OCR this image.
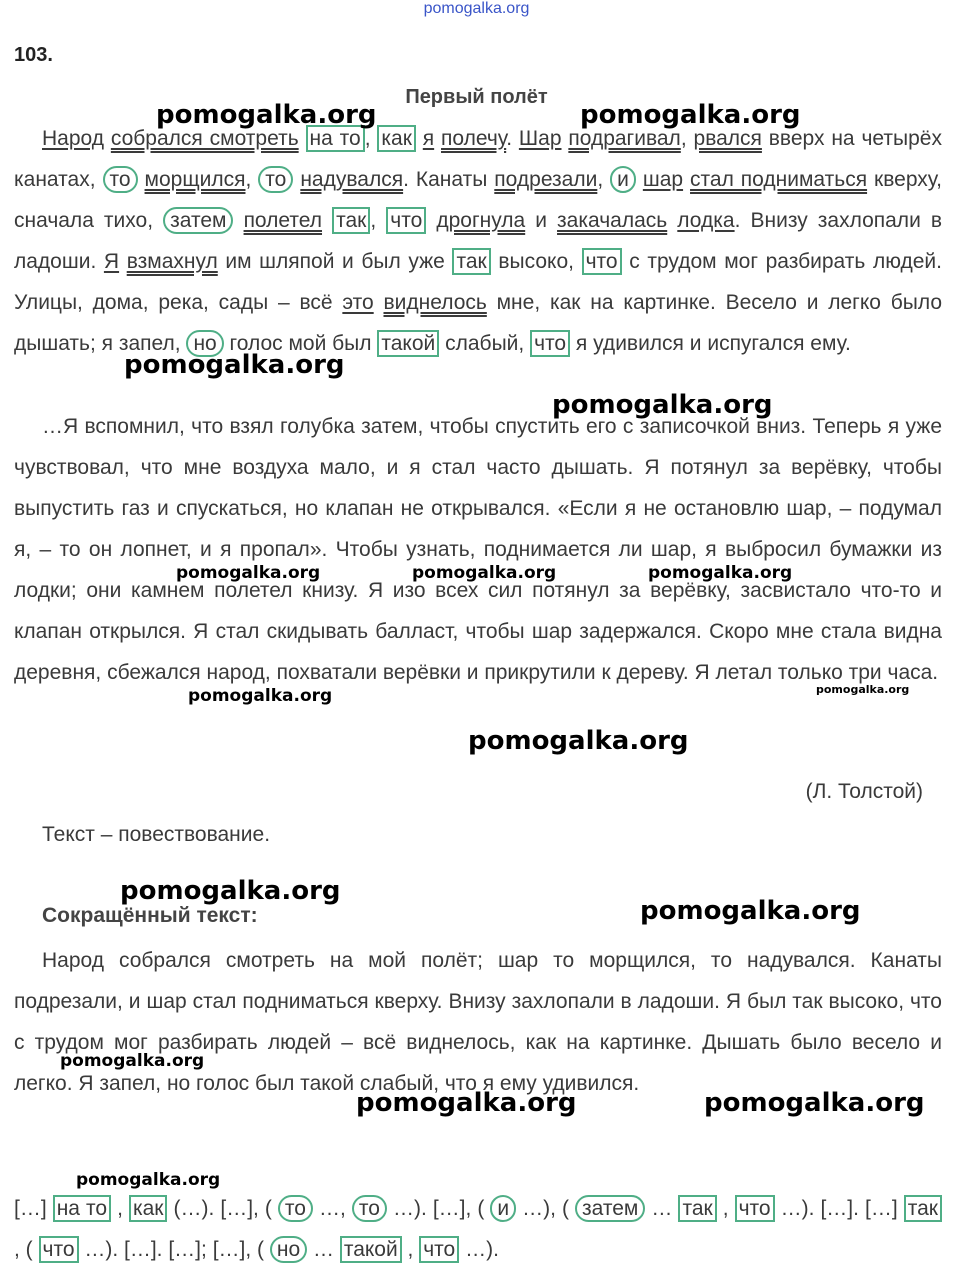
pomogalka.org
103.
Первый полёт

Народ собрался смотреть на то , как я полечу. Шар подрагивал, рвался вверх на четырёх канатах, то морщился, то надувался. Канаты подрезали, и шар стал подниматься кверху, сначала тихо, затем полетел так , что дрогнула и закачалась лодка. Внизу захлопали в ладоши. Я взмахнул им шляпой и был уже так высоко, что с трудом мог разбирать людей. Улицы, дома, река, сады – всё это виднелось мне, как на картинке. Весело и легко было дышать; я запел, но голос мой был такой слабый, что я удивился и испугался ему.

…Я вспомнил, что взял голубка затем, чтобы спустить его с записочкой вниз. Теперь я уже чувствовал, что мне воздуха мало, и я стал часто дышать. Я потянул за верёвку, чтобы выпустить газ и спускаться, но клапан не открывался. «Если я не остановлю шар, – подумал я, – то он лопнет, и я пропал». Чтобы узнать, поднимается ли шар, я выбросил бумажки из лодки; они камнем полетел книзу. Я изо всех сил потянул за верёвку, засвистало что-то и клапан открылся. Я стал скидывать балласт, чтобы шар задержался. Скоро мне стала видна деревня, сбежался народ, похватали верёвки и прикрутили к дереву. Я летал только три часа.

(Л. Толстой)
Текст – повествование.
Сокращённый текст:

Народ собрался смотреть на мой полёт; шар то морщился, то надувался. Канаты подрезали, и шар стал подниматься кверху. Внизу захлопали в ладоши. Я был так высоко, что с трудом мог разбирать людей – всё виднелось, как на картинке. Дышать было весело и легко. Я запел, но голос был такой слабый, что я ему удивился.

[…] на то , как (…). […], ( то …, то …). […], ( и …), ( затем … так , что …). […]. […] так , ( что …). […]. […]; […], ( но … такой , что …).

pomogalka.org	pomogalka.org
pomogalka.org
pomogalka.org
pomogalka.org	pomogalka.org	pomogalka.org
pomogalka.org	pomogalka.org
pomogalka.org
pomogalka.org
pomogalka.org
pomogalka.org
pomogalka.org	pomogalka.org
pomogalka.org
